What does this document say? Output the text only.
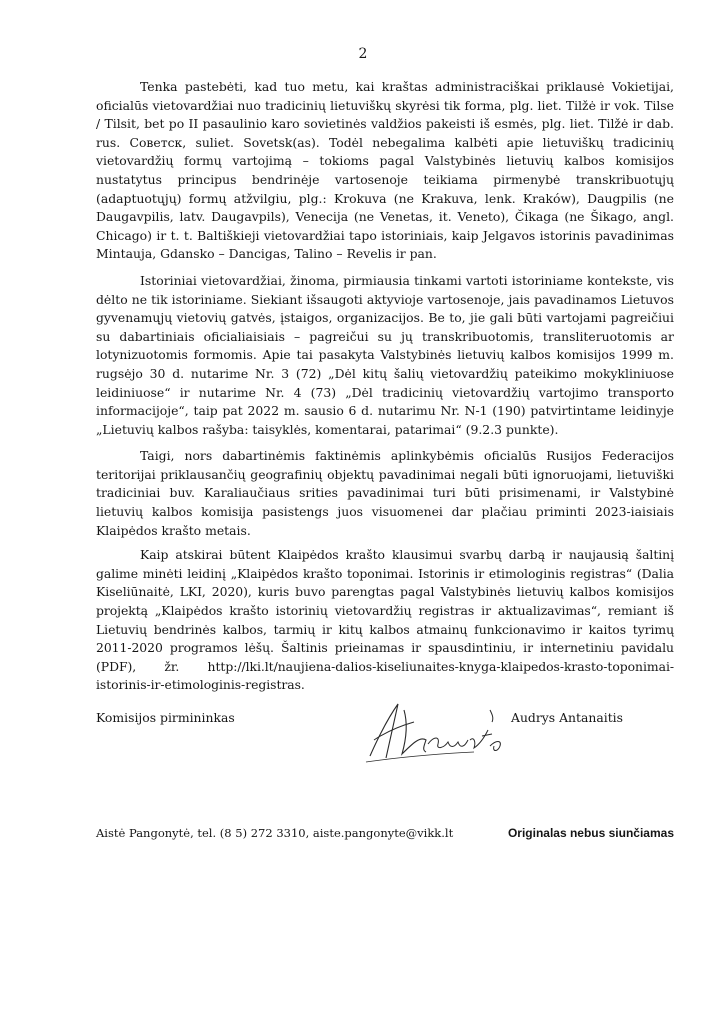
2

Tenka pastebėti, kad tuo metu, kai kraštas administraciškai priklausė Vokietijai, oficialūs vietovardžiai nuo tradicinių lietuviškų skyrėsi tik forma, plg. liet. Tilžė ir vok. Tilse / Tilsit, bet po II pasaulinio karo sovietinės valdžios pakeisti iš esmės, plg. liet. Tilžė ir dab. rus. Советск, suliet. Sovetsk(as). Todėl nebegalima kalbėti apie lietuviškų tradicinių vietovardžių formų vartojimą – tokioms pagal Valstybinės lietuvių kalbos komisijos nustatytus principus bendrinėje vartosenoje teikiama pirmenybė transkribuotųjų (adaptuotųjų) formų atžvilgiu, plg.: Krokuva (ne Krakuva, lenk. Kraków), Daugpilis (ne Daugavpilis, latv. Daugavpils), Venecija (ne Venetas, it. Veneto), Čikaga (ne Šikago, angl. Chicago) ir t. t. Baltiškieji vietovardžiai tapo istoriniais, kaip Jelgavos istorinis pavadinimas Mintauja, Gdansko – Dancigas, Talino – Revelis ir pan.

Istoriniai vietovardžiai, žinoma, pirmiausia tinkami vartoti istoriniame kontekste, vis dėlto ne tik istoriniame. Siekiant išsaugoti aktyvioje vartosenoje, jais pavadinamos Lietuvos gyvenamųjų vietovių gatvės, įstaigos, organizacijos. Be to, jie gali būti vartojami pagreičiui su dabartiniais oficialiaisiais – pagreičui su jų transkribuotomis, transliteruotomis ar lotynizuotomis formomis. Apie tai pasakyta Valstybinės lietuvių kalbos komisijos 1999 m. rugsėjo 30 d. nutarime Nr. 3 (72) „Dėl kitų šalių vietovardžių pateikimo mokykliniuose leidiniuose“ ir nutarime Nr. 4 (73) „Dėl tradicinių vietovardžių vartojimo transporto informacijoje“, taip pat 2022 m. sausio 6 d. nutarimu Nr. N-1 (190) patvirtintame leidinyje „Lietuvių kalbos rašyba: taisyklės, komentarai, patarimai“ (9.2.3 punkte).

Taigi, nors dabartinėmis faktinėmis aplinkybėmis oficialūs Rusijos Federacijos teritorijai priklausančių geografinių objektų pavadinimai negali būti ignoruojami, lietuviški tradiciniai buv. Karaliaučiaus srities pavadinimai turi būti prisimenami, ir Valstybinė lietuvių kalbos komisija pasistengs juos visuomenei dar plačiau priminti 2023-iaisiais Klaipėdos krašto metais.

Kaip atskirai būtent Klaipėdos krašto klausimui svarbų darbą ir naujausią šaltinį galime minėti leidinį „Klaipėdos krašto toponimai. Istorinis ir etimologinis registras“ (Dalia Kiseliūnaitė, LKI, 2020), kuris buvo parengtas pagal Valstybinės lietuvių kalbos komisijos projektą „Klaipėdos krašto istorinių vietovardžių registras ir aktualizavimas“, remiant iš Lietuvių bendrinės kalbos, tarmių ir kitų kalbos atmainų funkcionavimo ir kaitos tyrimų 2011-2020 programos lėšų. Šaltinis prieinamas ir spausdintiniu, ir internetiniu pavidalu (PDF), žr. http://lki.lt/naujiena-dalios-kiseliunaites-knyga-klaipedos-krasto-toponimai-istorinis-ir-etimologinis-registras.

Komisijos pirmininkas	Audrys Antanaitis
Aistė Pangonytė, tel. (8 5) 272 3310, aiste.pangonyte@vikk.lt	Originalas nebus siunčiamas
